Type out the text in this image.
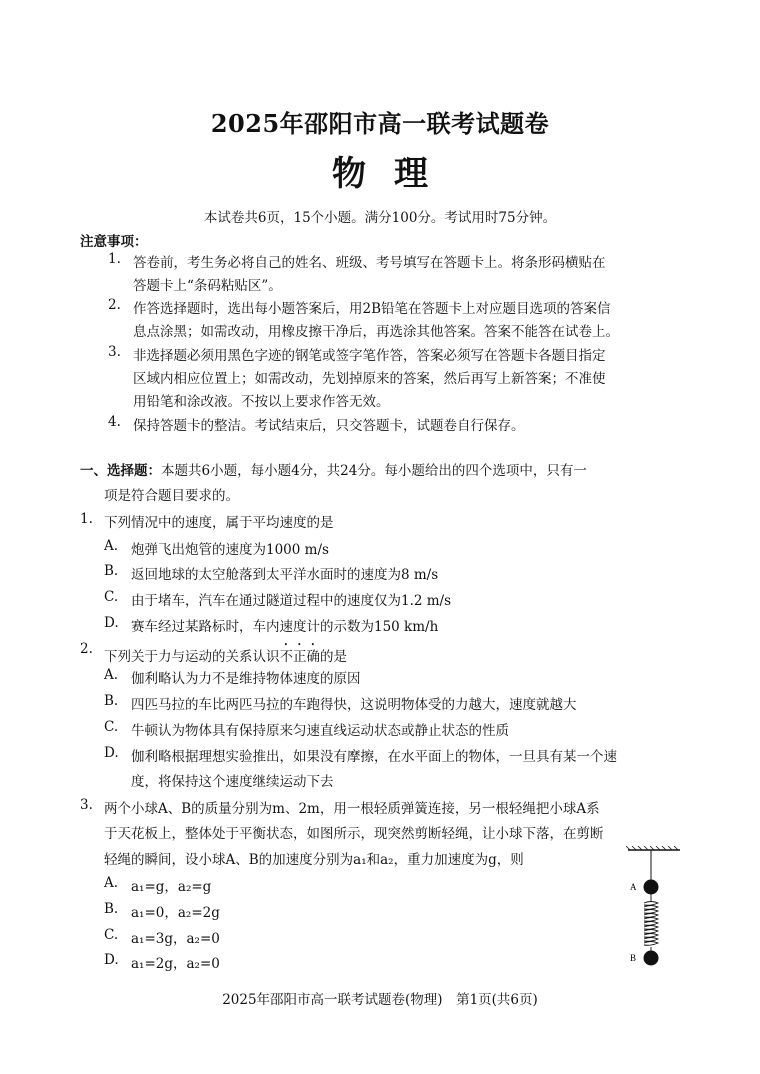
2025年邵阳市高一联考试题卷
物理
本试卷共6页，15个小题。满分100分。考试用时75分钟。
注意事项：
1. 答卷前，考生务必将自己的姓名、班级、考号填写在答题卡上。将条形码横贴在
答题卡上“条码粘贴区”。
2. 作答选择题时，选出每小题答案后，用2B铅笔在答题卡上对应题目选项的答案信
息点涂黑；如需改动，用橡皮擦干净后，再选涂其他答案。答案不能答在试卷上。
3. 非选择题必须用黑色字迹的钢笔或签字笔作答，答案必须写在答题卡各题目指定
区域内相应位置上；如需改动，先划掉原来的答案，然后再写上新答案；不准使
用铅笔和涂改液。不按以上要求作答无效。
4. 保持答题卡的整洁。考试结束后，只交答题卡，试题卷自行保存。
一、选择题：本题共6小题，每小题4分，共24分。每小题给出的四个选项中，只有一
项是符合题目要求的。
1. 下列情况中的速度，属于平均速度的是
A. 炮弹飞出炮管的速度为1000 m/s
B. 返回地球的太空舱落到太平洋水面时的速度为8 m/s
C. 由于堵车，汽车在通过隧道过程中的速度仅为1.2 m/s
D. 赛车经过某路标时，车内速度计的示数为150 km/h
2. 下列关于力与运动的关系认识不正确的是
A. 伽利略认为力不是维持物体速度的原因
B. 四匹马拉的车比两匹马拉的车跑得快，这说明物体受的力越大，速度就越大
C. 牛顿认为物体具有保持原来匀速直线运动状态或静止状态的性质
D. 伽利略根据理想实验推出，如果没有摩擦，在水平面上的物体，一旦具有某一个速
度，将保持这个速度继续运动下去
3. 两个小球A、B的质量分别为m、2m，用一根轻质弹簧连接，另一根轻绳把小球A系
于天花板上，整体处于平衡状态，如图所示，现突然剪断轻绳，让小球下落，在剪断
轻绳的瞬间，设小球A、B的加速度分别为a₁和a₂，重力加速度为g，则
A. a₁=g，a₂=g
B. a₁=0，a₂=2g
C. a₁=3g，a₂=0
D. a₁=2g，a₂=0
A
B
2025年邵阳市高一联考试题卷(物理)　第1页(共6页)
